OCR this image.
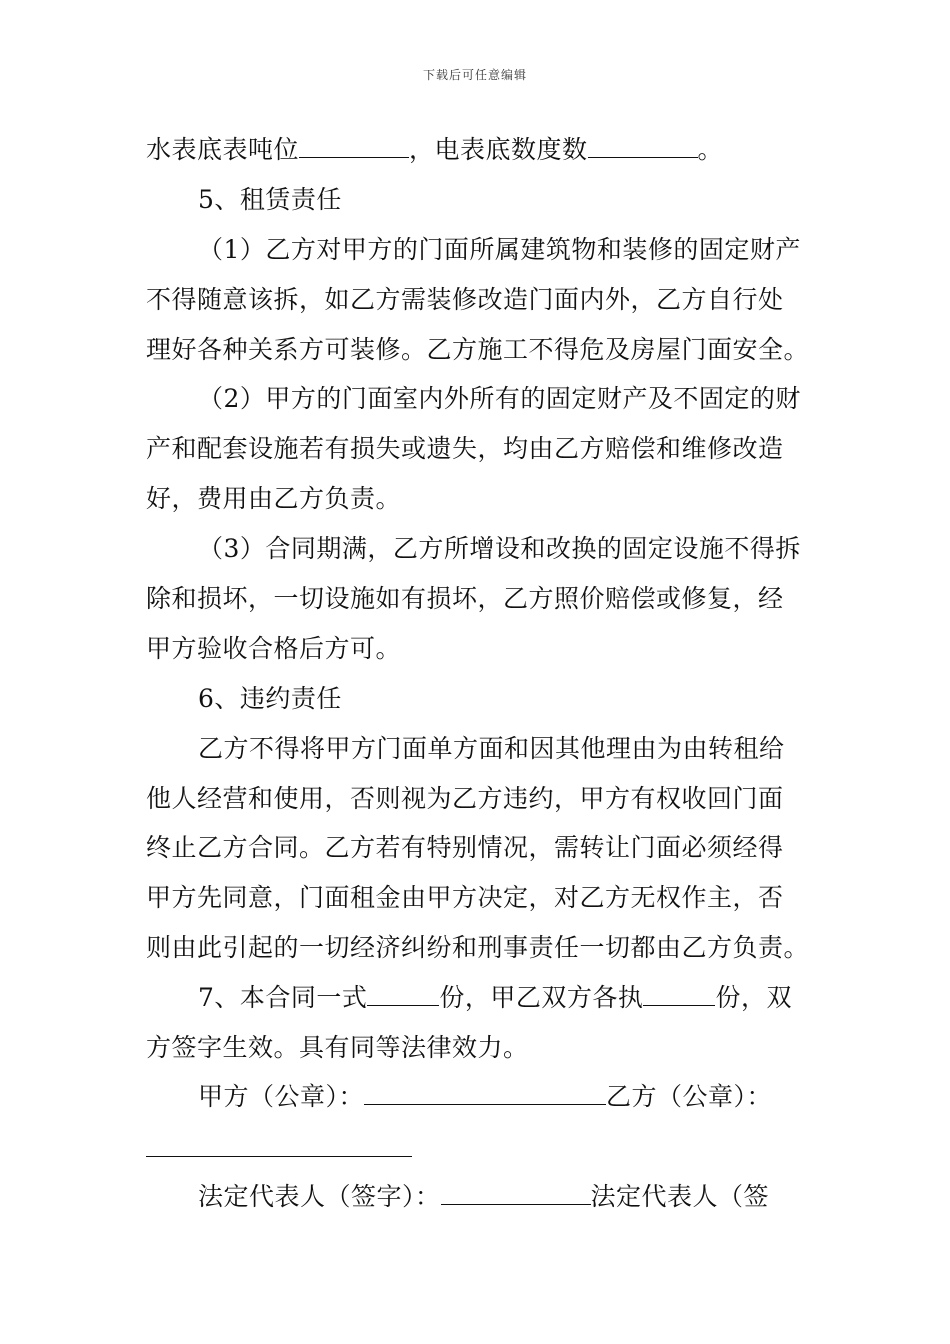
下载后可任意编辑
水表底表吨位	，电表底数度数	。
5、租赁责任
（1）乙方对甲方的门面所属建筑物和装修的固定财产
不得随意该拆，如乙方需装修改造门面内外，乙方自行处
理好各种关系方可装修。乙方施工不得危及房屋门面安全。
（2）甲方的门面室内外所有的固定财产及不固定的财
产和配套设施若有损失或遗失，均由乙方赔偿和维修改造
好，费用由乙方负责。
（3）合同期满，乙方所增设和改换的固定设施不得拆
除和损坏，一切设施如有损坏，乙方照价赔偿或修复，经
甲方验收合格后方可。
6、违约责任
乙方不得将甲方门面单方面和因其他理由为由转租给
他人经营和使用，否则视为乙方违约，甲方有权收回门面
终止乙方合同。乙方若有特别情况，需转让门面必须经得
甲方先同意，门面租金由甲方决定，对乙方无权作主，否
则由此引起的一切经济纠纷和刑事责任一切都由乙方负责。
7、本合同一式	份，甲乙双方各执	份，双
方签字生效。具有同等法律效力。
甲方（公章）：	乙方（公章）：
法定代表人（签字）：	法定代表人（签
